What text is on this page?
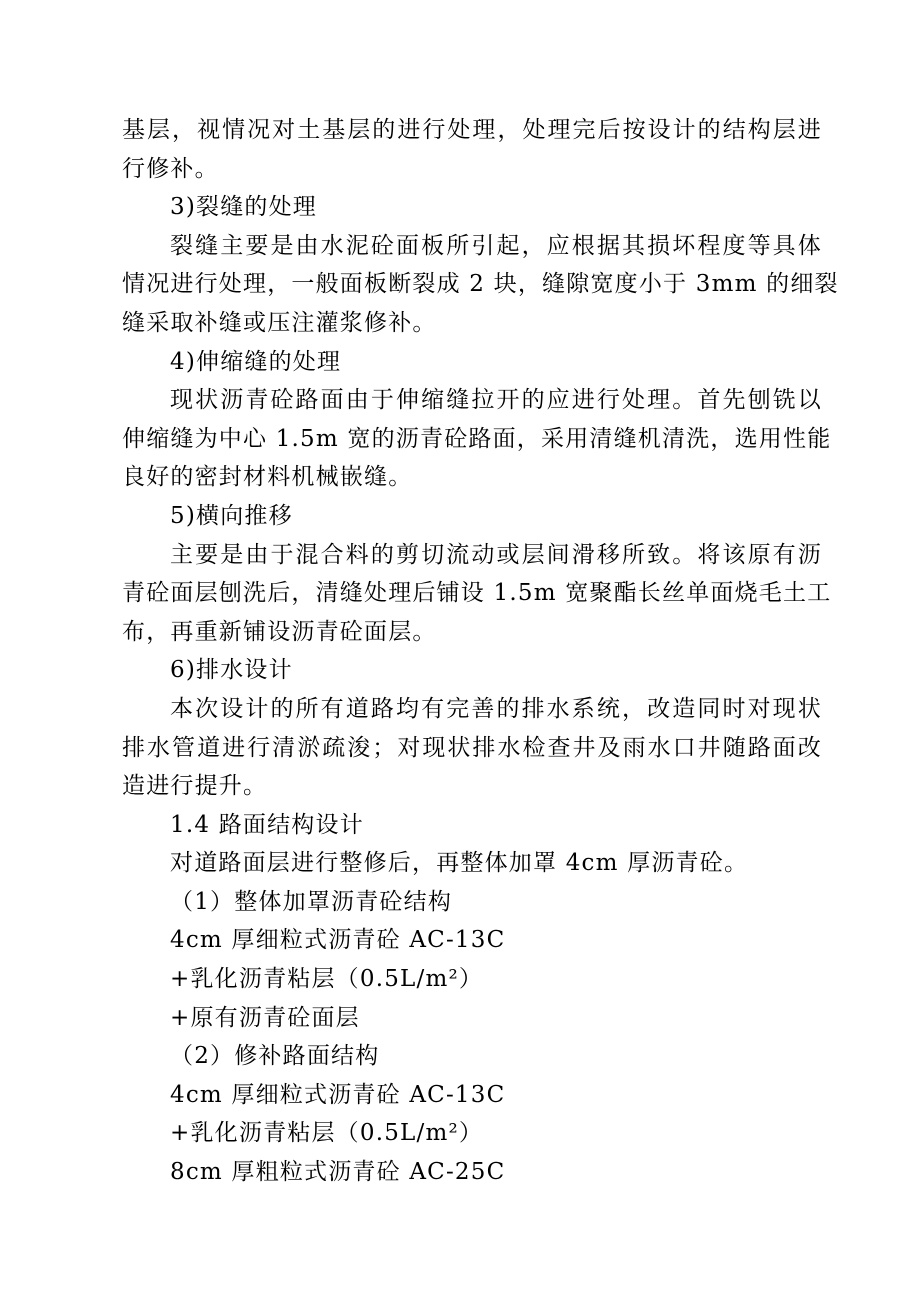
基层，视情况对土基层的进行处理，处理完后按设计的结构层进
行修补。
3)裂缝的处理
裂缝主要是由水泥砼面板所引起，应根据其损坏程度等具体
情况进行处理，一般面板断裂成 2 块，缝隙宽度小于 3mm 的细裂
缝采取补缝或压注灌浆修补。
4)伸缩缝的处理
现状沥青砼路面由于伸缩缝拉开的应进行处理。首先刨铣以
伸缩缝为中心 1.5m 宽的沥青砼路面，采用清缝机清洗，选用性能
良好的密封材料机械嵌缝。
5)横向推移
主要是由于混合料的剪切流动或层间滑移所致。将该原有沥
青砼面层刨洗后，清缝处理后铺设 1.5m 宽聚酯长丝单面烧毛土工
布，再重新铺设沥青砼面层。
6)排水设计
本次设计的所有道路均有完善的排水系统，改造同时对现状
排水管道进行清淤疏浚；对现状排水检查井及雨水口井随路面改
造进行提升。
1.4 路面结构设计
对道路面层进行整修后，再整体加罩 4cm 厚沥青砼。
（1）整体加罩沥青砼结构
4cm 厚细粒式沥青砼 AC-13C
+乳化沥青粘层（0.5L/m²）
+原有沥青砼面层
（2）修补路面结构
4cm 厚细粒式沥青砼 AC-13C
+乳化沥青粘层（0.5L/m²）
8cm 厚粗粒式沥青砼 AC-25C
